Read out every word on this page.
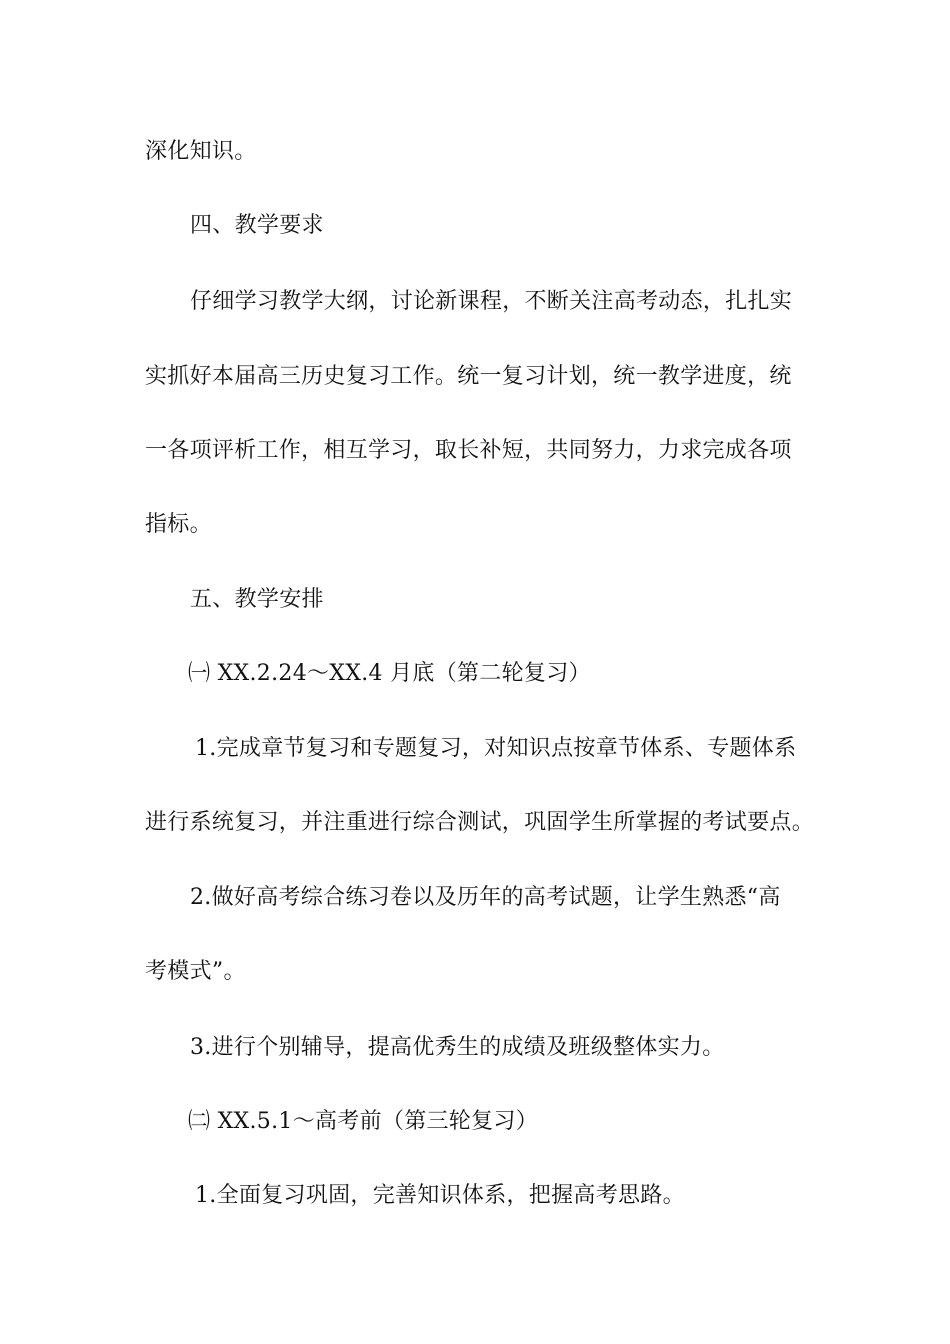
深化知识。

四、教学要求

仔细学习教学大纲，讨论新课程，不断关注高考动态，扎扎实

实抓好本届高三历史复习工作。统一复习计划，统一教学进度，统

一各项评析工作，相互学习，取长补短，共同努力，力求完成各项

指标。

五、教学安排

㈠ XX.2.24～XX.4 月底（第二轮复习）

1.完成章节复习和专题复习，对知识点按章节体系、专题体系

进行系统复习，并注重进行综合测试，巩固学生所掌握的考试要点。

2.做好高考综合练习卷以及历年的高考试题，让学生熟悉“高

考模式”。

3.进行个别辅导，提高优秀生的成绩及班级整体实力。

㈡ XX.5.1～高考前（第三轮复习）

1.全面复习巩固，完善知识体系，把握高考思路。
